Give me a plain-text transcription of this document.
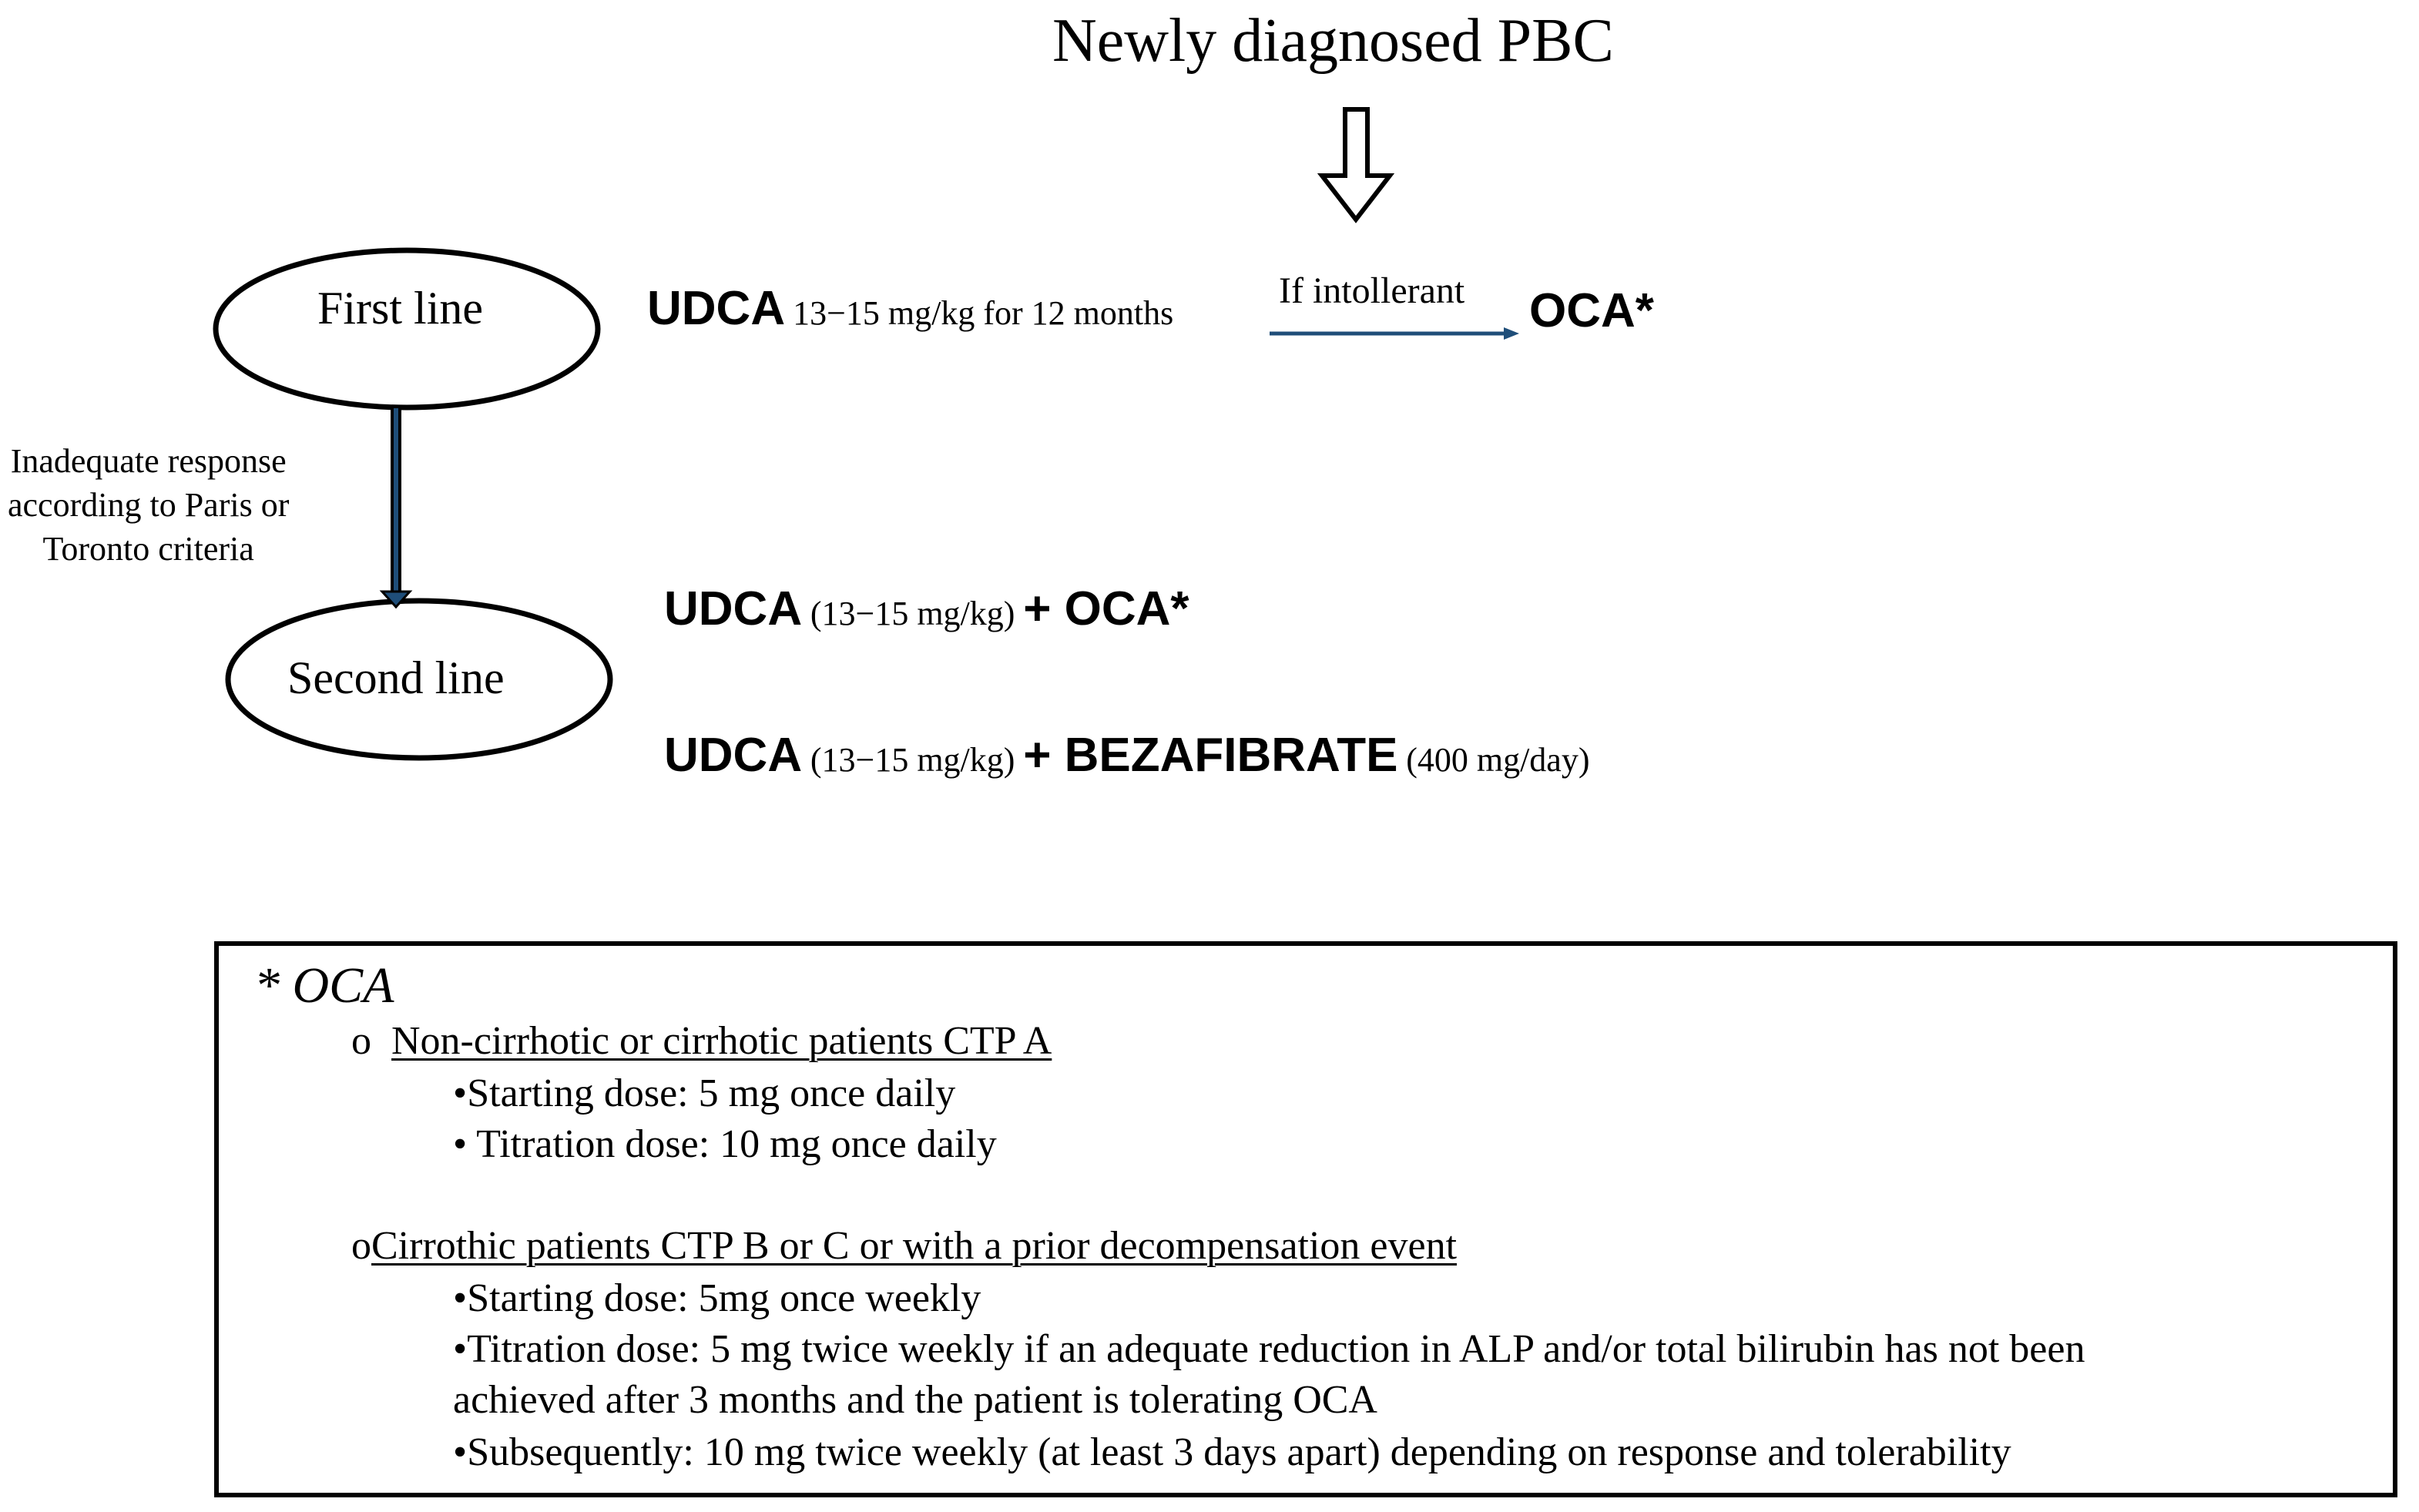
Newly diagnosed PBC
First line
Second line
Inadequate response
according to Paris or
Toronto criteria
UDCA 13−15 mg/kg for 12 months
If intollerant OCA*
UDCA (13−15 mg/kg) + OCA*
UDCA (13−15 mg/kg) + BEZAFIBRATE (400 mg/day)
* OCA
o Non-cirrhotic or cirrhotic patients CTP A
•Starting dose: 5 mg once daily
• Titration dose: 10 mg once daily
oCirrothic patients CTP B or C or with a prior decompensation event
•Starting dose: 5mg once weekly
•Titration dose: 5 mg twice weekly if an adequate reduction in ALP and/or total bilirubin has not been
achieved after 3 months and the patient is tolerating OCA
•Subsequently: 10 mg twice weekly (at least 3 days apart) depending on response and tolerability
